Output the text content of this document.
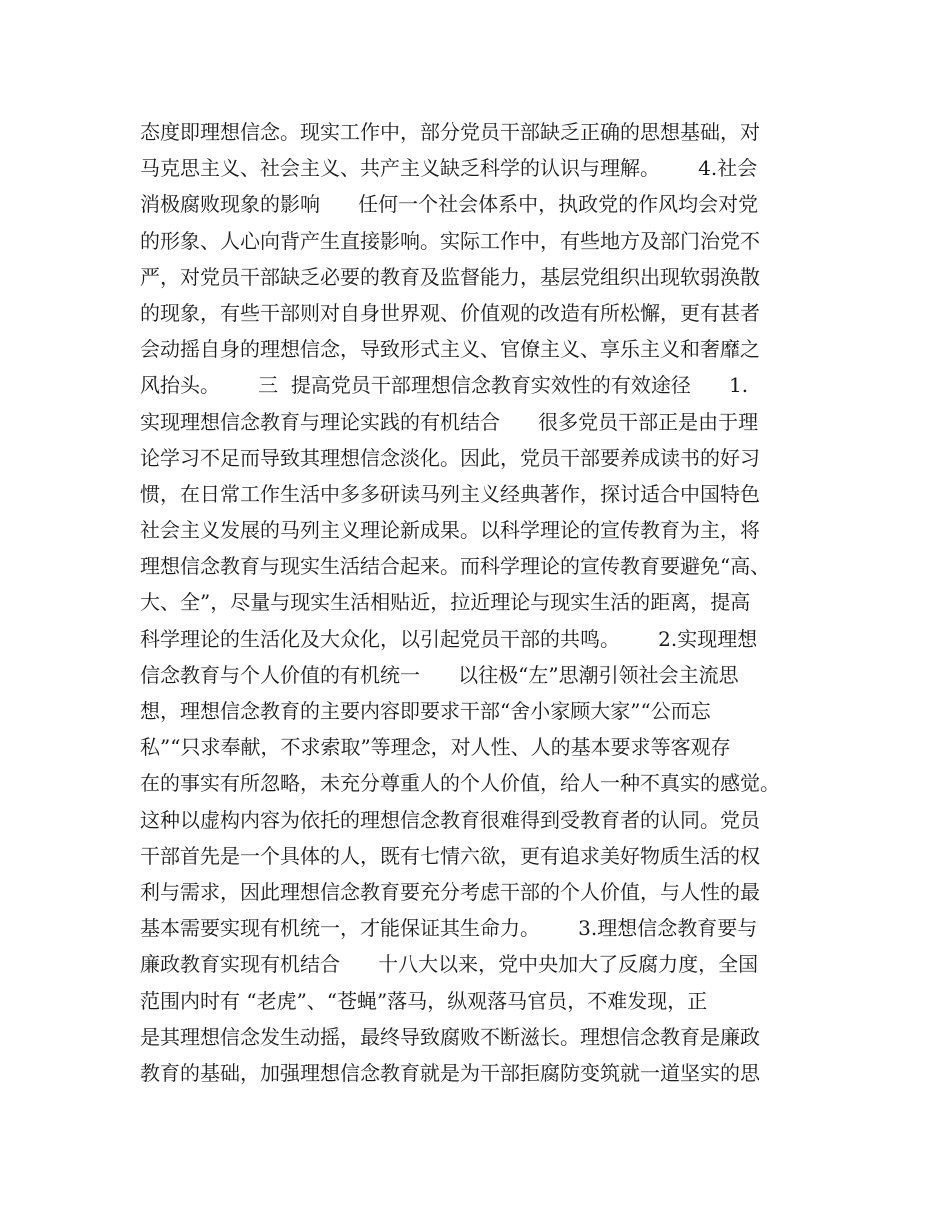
态度即理想信念。现实工作中，部分党员干部缺乏正确的思想基础，对
马克思主义、社会主义、共产主义缺乏科学的认识与理解。      4.社会
消极腐败现象的影响      任何一个社会体系中，执政党的作风均会对党
的形象、人心向背产生直接影响。实际工作中，有些地方及部门治党不
严，对党员干部缺乏必要的教育及监督能力，基层党组织出现软弱涣散
的现象，有些干部则对自身世界观、价值观的改造有所松懈，更有甚者
会动摇自身的理想信念，导致形式主义、官僚主义、享乐主义和奢靡之
风抬头。      三  提高党员干部理想信念教育实效性的有效途径      1.
实现理想信念教育与理论实践的有机结合      很多党员干部正是由于理
论学习不足而导致其理想信念淡化。因此，党员干部要养成读书的好习
惯，在日常工作生活中多多研读马列主义经典著作，探讨适合中国特色
社会主义发展的马列主义理论新成果。以科学理论的宣传教育为主，将
理想信念教育与现实生活结合起来。而科学理论的宣传教育要避免“高、
大、全”，尽量与现实生活相贴近，拉近理论与现实生活的距离，提高
科学理论的生活化及大众化，以引起党员干部的共鸣。      2.实现理想
信念教育与个人价值的有机统一      以往极“左”思潮引领社会主流思
想，理想信念教育的主要内容即要求干部“舍小家顾大家”“公而忘
私”“只求奉献，不求索取”等理念，对人性、人的基本要求等客观存
在的事实有所忽略，未充分尊重人的个人价值，给人一种不真实的感觉。
这种以虚构内容为依托的理想信念教育很难得到受教育者的认同。党员
干部首先是一个具体的人，既有七情六欲，更有追求美好物质生活的权
利与需求，因此理想信念教育要充分考虑干部的个人价值，与人性的最
基本需要实现有机统一，才能保证其生命力。      3.理想信念教育要与
廉政教育实现有机结合      十八大以来，党中央加大了反腐力度，全国
范围内时有 “老虎”、“苍蝇”落马，纵观落马官员，不难发现，正
是其理想信念发生动摇，最终导致腐败不断滋长。理想信念教育是廉政
教育的基础，加强理想信念教育就是为干部拒腐防变筑就一道坚实的思
